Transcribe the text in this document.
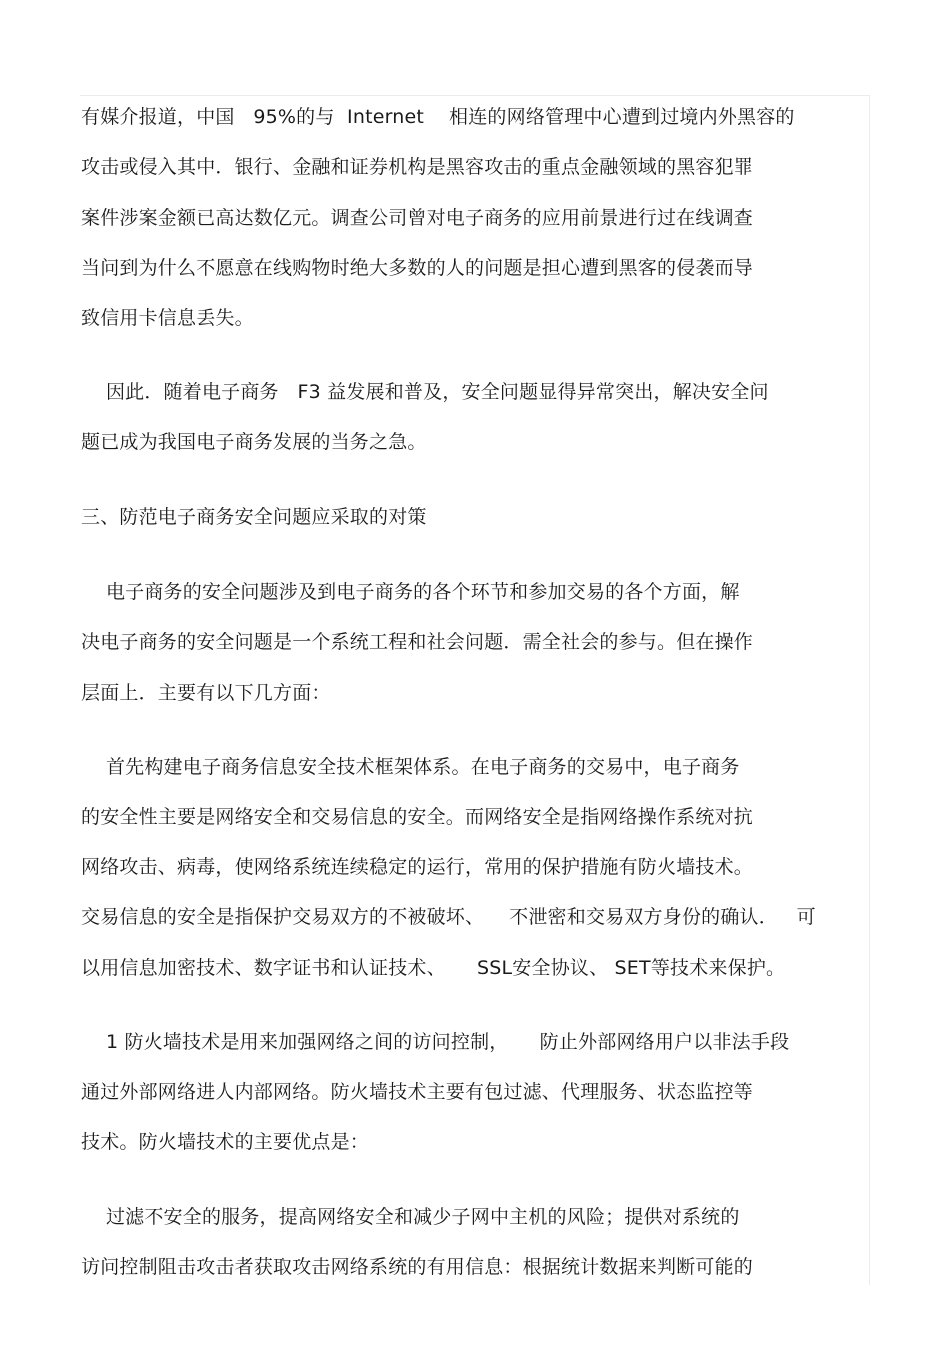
有媒介报道，中国   95%的与  Internet    相连的网络管理中心遭到过境内外黑容的
攻击或侵入其中．银行、金融和证券机构是黑容攻击的重点金融领域的黑容犯罪
案件涉案金额已高达数亿元。调查公司曾对电子商务的应用前景进行过在线调查
当问到为什么不愿意在线购物时绝大多数的人的问题是担心遭到黑客的侵袭而导
致信用卡信息丢失。
因此．随着电子商务   F3 益发展和普及，安全问题显得异常突出，解决安全问
题已成为我国电子商务发展的当务之急。
三、防范电子商务安全问题应采取的对策
电子商务的安全问题涉及到电子商务的各个环节和参加交易的各个方面，解
决电子商务的安全问题是一个系统工程和社会问题．需全社会的参与。但在操作
层面上．主要有以下几方面：
首先构建电子商务信息安全技术框架体系。在电子商务的交易中，电子商务
的安全性主要是网络安全和交易信息的安全。而网络安全是指网络操作系统对抗
网络攻击、病毒，使网络系统连续稳定的运行，常用的保护措施有防火墙技术。
交易信息的安全是指保护交易双方的不被破坏、    不泄密和交易双方身份的确认．   可
以用信息加密技术、数字证书和认证技术、     SSL安全协议、 SET等技术来保护。
1 防火墙技术是用来加强网络之间的访问控制，     防止外部网络用户以非法手段
通过外部网络进人内部网络。防火墙技术主要有包过滤、代理服务、状态监控等
技术。防火墙技术的主要优点是：
过滤不安全的服务，提高网络安全和减少子网中主机的风险；提供对系统的
访问控制阻击攻击者获取攻击网络系统的有用信息：根据统计数据来判断可能的
